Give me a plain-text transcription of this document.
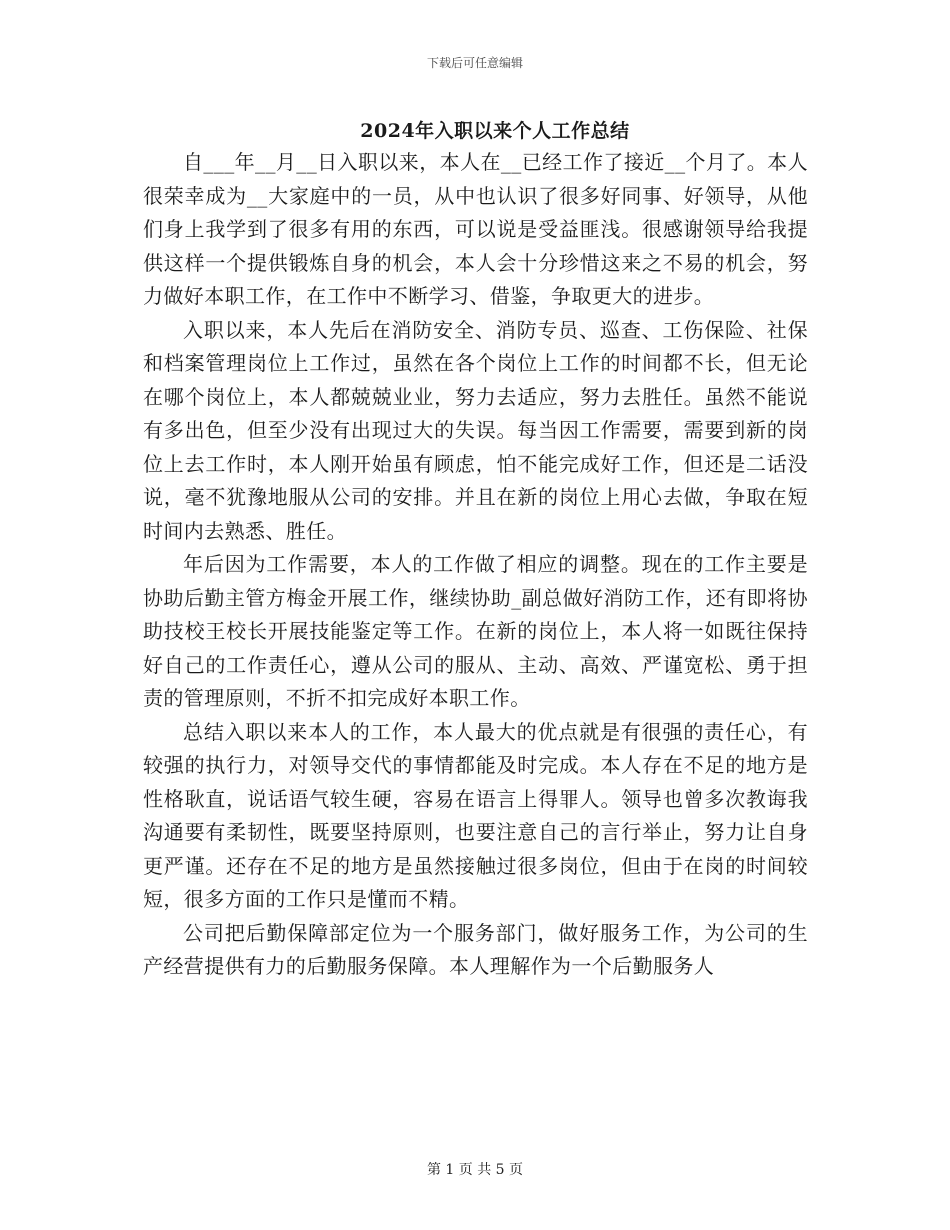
下载后可任意编辑
2024年入职以来个人工作总结

自___年__月__日入职以来，本人在__已经工作了接近__个月了。本人很荣幸成为__大家庭中的一员，从中也认识了很多好同事、好领导，从他们身上我学到了很多有用的东西，可以说是受益匪浅。很感谢领导给我提供这样一个提供锻炼自身的机会，本人会十分珍惜这来之不易的机会，努力做好本职工作，在工作中不断学习、借鉴，争取更大的进步。

入职以来，本人先后在消防安全、消防专员、巡查、工伤保险、社保和档案管理岗位上工作过，虽然在各个岗位上工作的时间都不长，但无论在哪个岗位上，本人都兢兢业业，努力去适应，努力去胜任。虽然不能说有多出色，但至少没有出现过大的失误。每当因工作需要，需要到新的岗位上去工作时，本人刚开始虽有顾虑，怕不能完成好工作，但还是二话没说，毫不犹豫地服从公司的安排。并且在新的岗位上用心去做，争取在短时间内去熟悉、胜任。

年后因为工作需要，本人的工作做了相应的调整。现在的工作主要是协助后勤主管方梅金开展工作，继续协助_副总做好消防工作，还有即将协助技校王校长开展技能鉴定等工作。在新的岗位上，本人将一如既往保持好自己的工作责任心，遵从公司的服从、主动、高效、严谨宽松、勇于担责的管理原则，不折不扣完成好本职工作。

总结入职以来本人的工作，本人最大的优点就是有很强的责任心，有较强的执行力，对领导交代的事情都能及时完成。本人存在不足的地方是性格耿直，说话语气较生硬，容易在语言上得罪人。领导也曾多次教诲我沟通要有柔韧性，既要坚持原则，也要注意自己的言行举止，努力让自身更严谨。还存在不足的地方是虽然接触过很多岗位，但由于在岗的时间较短，很多方面的工作只是懂而不精。

公司把后勤保障部定位为一个服务部门，做好服务工作，为公司的生产经营提供有力的后勤服务保障。本人理解作为一个后勤服务人

第 1 页 共 5 页
